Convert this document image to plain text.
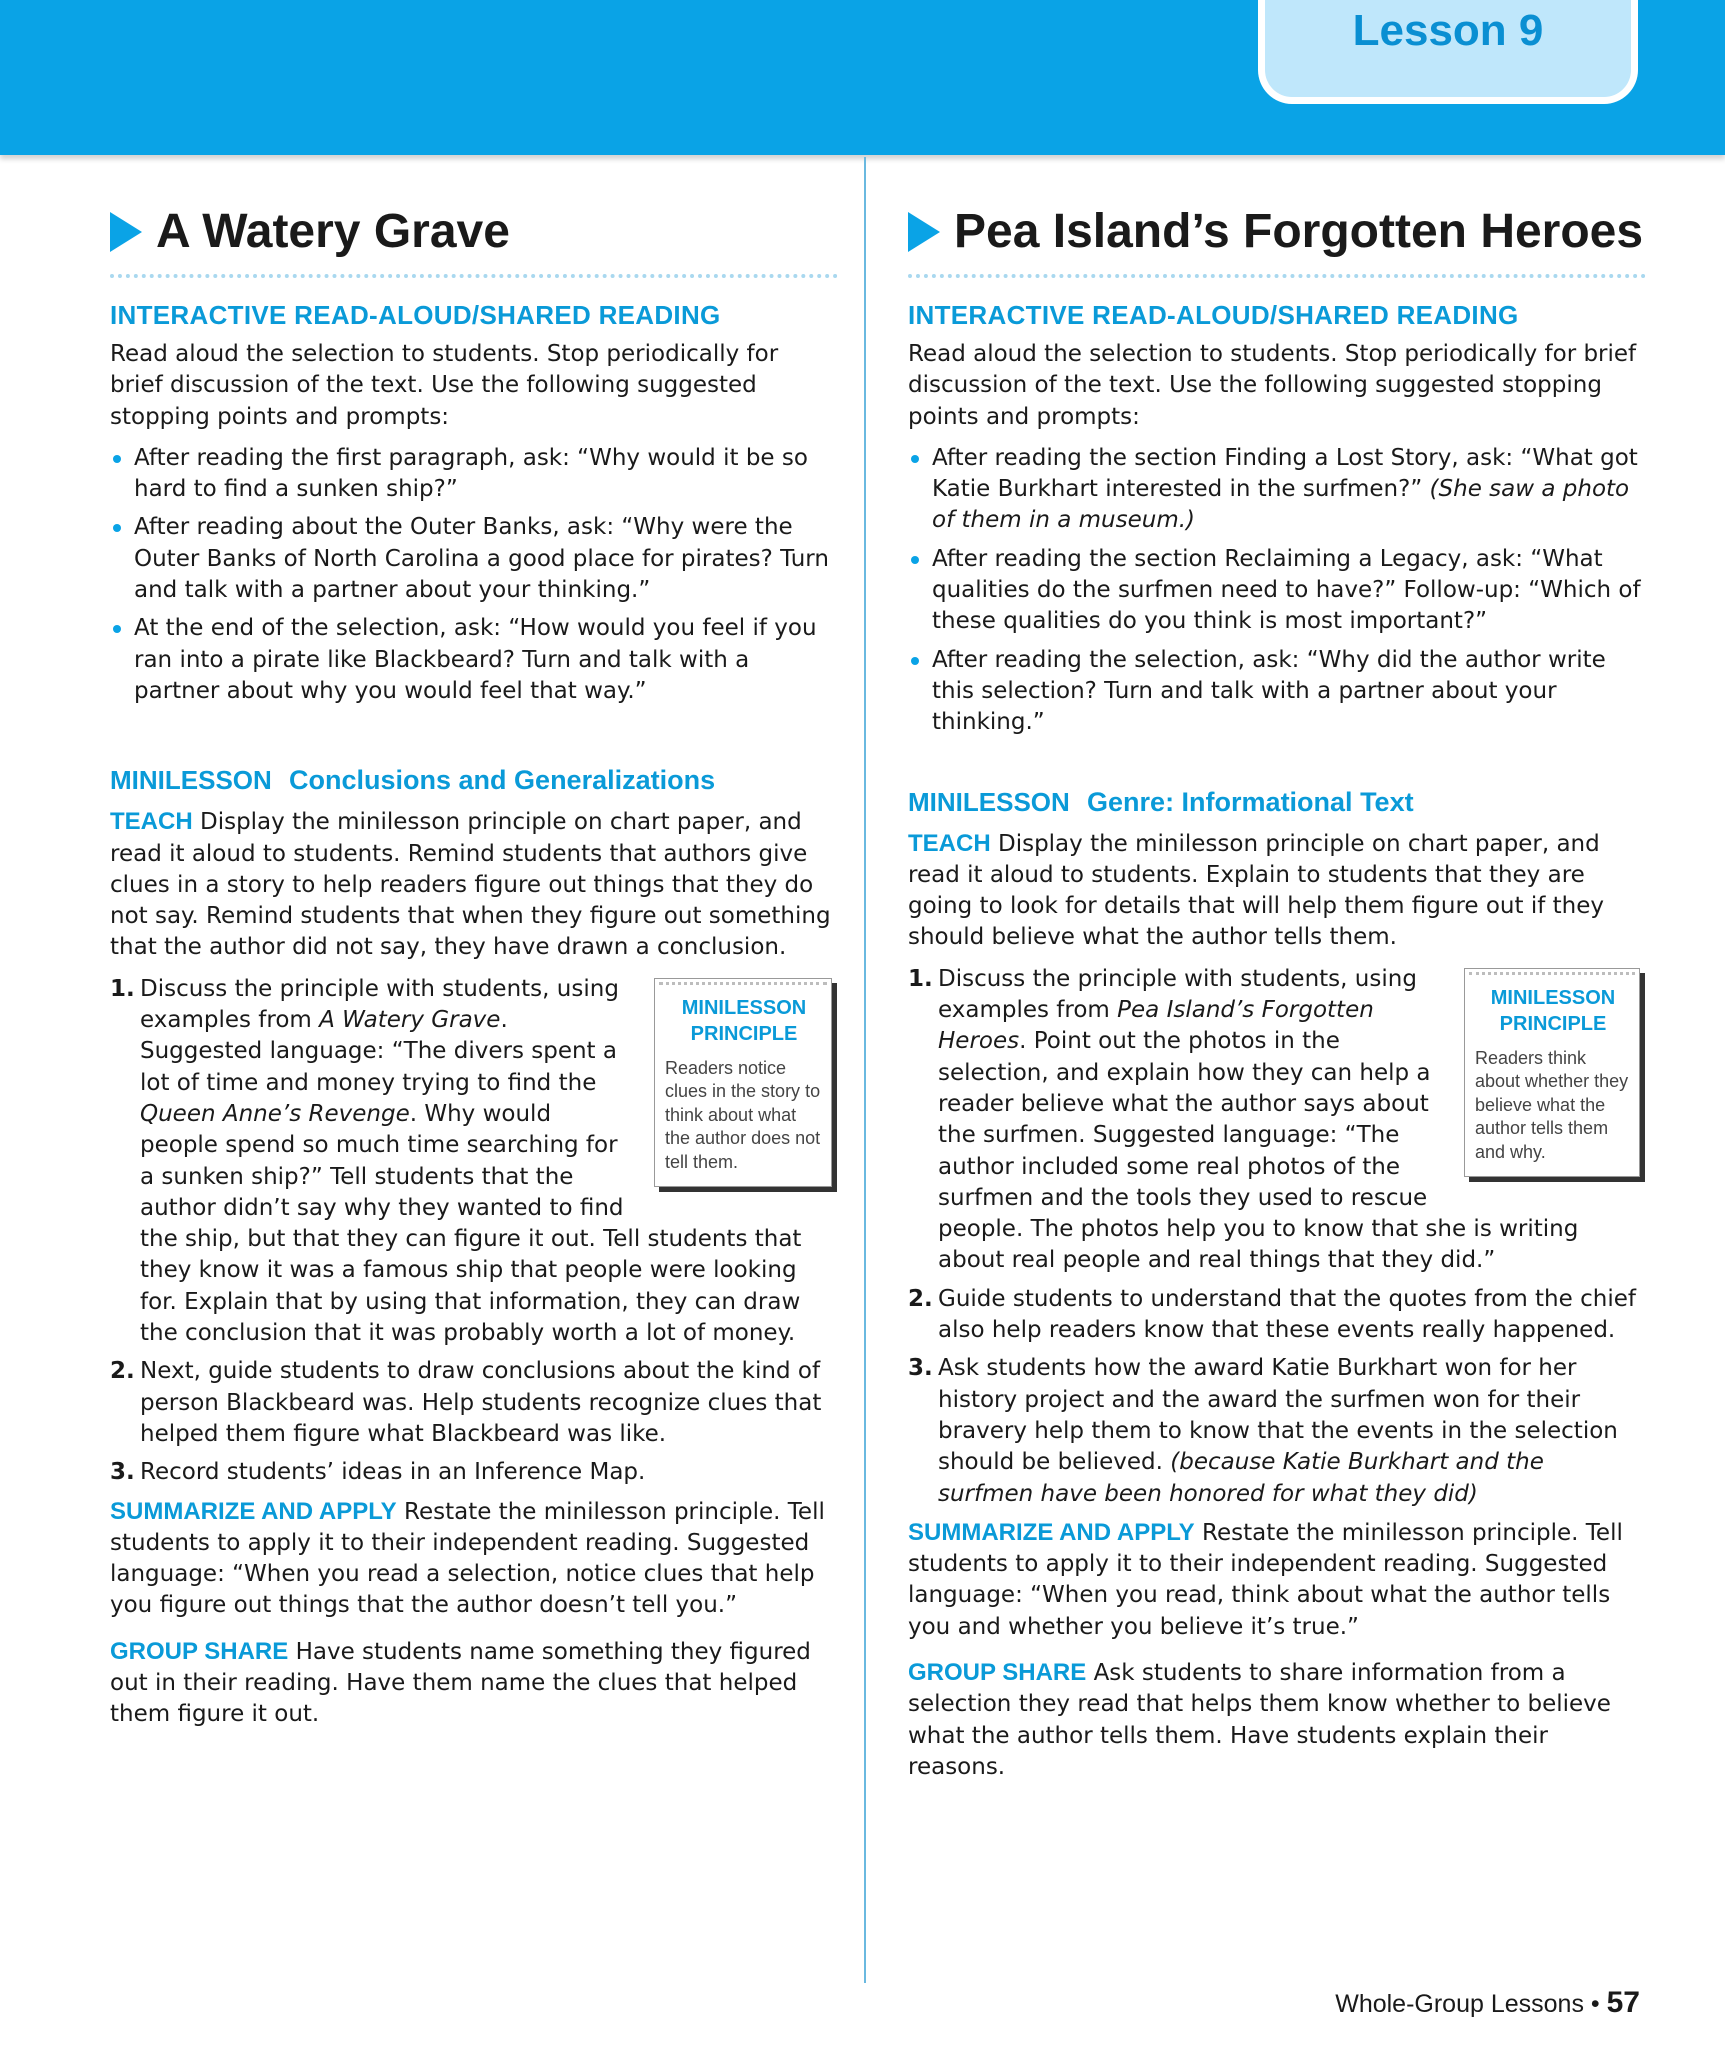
Lesson 9
A Watery Grave
INTERACTIVE READ-ALOUD/SHARED READING

Read aloud the selection to students. Stop periodically for brief discussion of the text. Use the following suggested stopping points and prompts:

After reading the first paragraph, ask: “Why would it be so hard to find a sunken ship?”
After reading about the Outer Banks, ask: “Why were the Outer Banks of North Carolina a good place for pirates? Turn and talk with a partner about your thinking.”
At the end of the selection, ask: “How would you feel if you ran into a pirate like Blackbeard? Turn and talk with a partner about why you would feel that way.”
MINILESSON Conclusions and Generalizations

TEACH Display the minilesson principle on chart paper, and read it aloud to students. Remind students that authors give clues in a story to help readers figure out things that they do not say. Remind students that when they figure out something that the author did not say, they have drawn a conclusion.

1.
MINILESSON PRINCIPLE
Readers notice clues in the story to think about what the author does not tell them.
Discuss the principle with students, using examples from A Watery Grave. Suggested language: “The divers spent a lot of time and money trying to find the Queen Anne’s Revenge. Why would people spend so much time searching for a sunken ship?” Tell students that the author didn’t say why they wanted to find the ship, but that they can figure it out. Tell students that they know it was a famous ship that people were looking for. Explain that by using that information, they can draw the conclusion that it was probably worth a lot of money.
2. Next, guide students to draw conclusions about the kind of person Blackbeard was. Help students recognize clues that helped them figure what Blackbeard was like.
3. Record students’ ideas in an Inference Map.

SUMMARIZE AND APPLY Restate the minilesson principle. Tell students to apply it to their independent reading. Suggested language: “When you read a selection, notice clues that help you figure out things that the author doesn’t tell you.”

GROUP SHARE Have students name something they figured out in their reading. Have them name the clues that helped them figure it out.

Pea Island’s Forgotten Heroes
INTERACTIVE READ-ALOUD/SHARED READING

Read aloud the selection to students. Stop periodically for brief discussion of the text. Use the following suggested stopping points and prompts:

After reading the section Finding a Lost Story, ask: “What got Katie Burkhart interested in the surfmen?” (She saw a photo of them in a museum.)
After reading the section Reclaiming a Legacy, ask: “What qualities do the surfmen need to have?” Follow-up: “Which of these qualities do you think is most important?”
After reading the selection, ask: “Why did the author write this selection? Turn and talk with a partner about your thinking.”
MINILESSON Genre: Informational Text

TEACH Display the minilesson principle on chart paper, and read it aloud to students. Explain to students that they are going to look for details that will help them figure out if they should believe what the author tells them.

1.
MINILESSON PRINCIPLE
Readers think about whether they believe what the author tells them and why.
Discuss the principle with students, using examples from Pea Island’s Forgotten Heroes. Point out the photos in the selection, and explain how they can help a reader believe what the author says about the surfmen. Suggested language: “The author included some real photos of the surfmen and the tools they used to rescue people. The photos help you to know that she is writing about real people and real things that they did.”
2. Guide students to understand that the quotes from the chief also help readers know that these events really happened.
3. Ask students how the award Katie Burkhart won for her history project and the award the surfmen won for their bravery help them to know that the events in the selection should be believed. (because Katie Burkhart and the surfmen have been honored for what they did)

SUMMARIZE AND APPLY Restate the minilesson principle. Tell students to apply it to their independent reading. Suggested language: “When you read, think about what the author tells you and whether you believe it’s true.”

GROUP SHARE Ask students to share information from a selection they read that helps them know whether to believe what the author tells them. Have students explain their reasons.

Whole-Group Lessons • 57
